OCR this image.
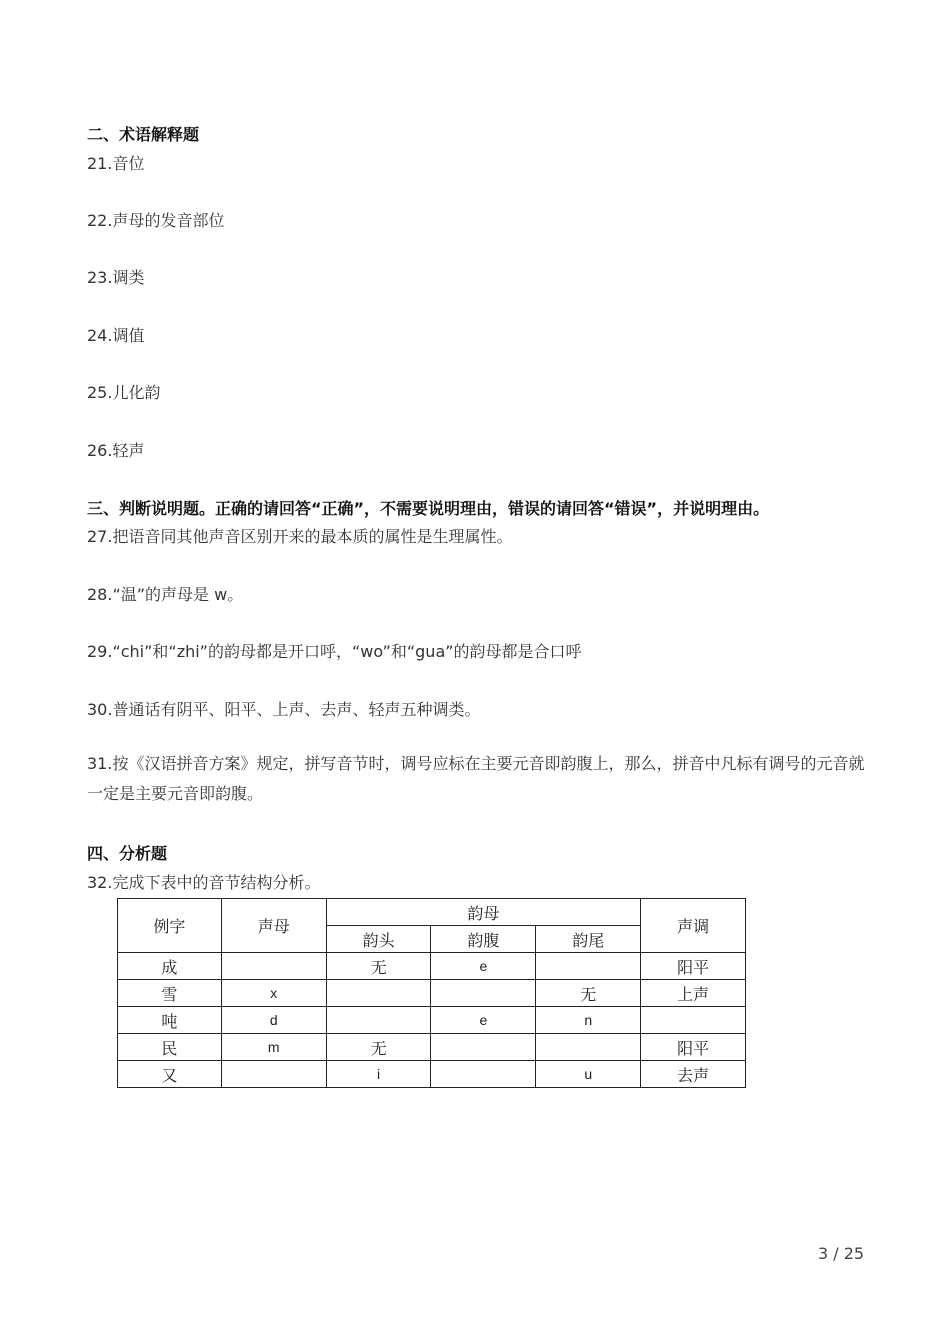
二、术语解释题
21.音位
22.声母的发音部位
23.调类
24.调值
25.儿化韵
26.轻声
三、判断说明题。正确的请回答“正确”，不需要说明理由，错误的请回答“错误”，并说明理由。
27.把语音同其他声音区别开来的最本质的属性是生理属性。
28.“温”的声母是 w。
29.“chi”和“zhi”的韵母都是开口呼，“wo”和“gua”的韵母都是合口呼
30.普通话有阴平、阳平、上声、去声、轻声五种调类。
31.按《汉语拼音方案》规定，拼写音节时，调号应标在主要元音即韵腹上，那么，拼音中凡标有调号的元音就一定是主要元音即韵腹。
四、分析题
32.完成下表中的音节结构分析。
例字	声母	韵母			声调
		韵头	韵腹	韵尾	
成		无	e		阳平
雪	x			无	上声
吨	d		e	n	
民	m	无			阳平
又		i		u	去声
3 / 25
